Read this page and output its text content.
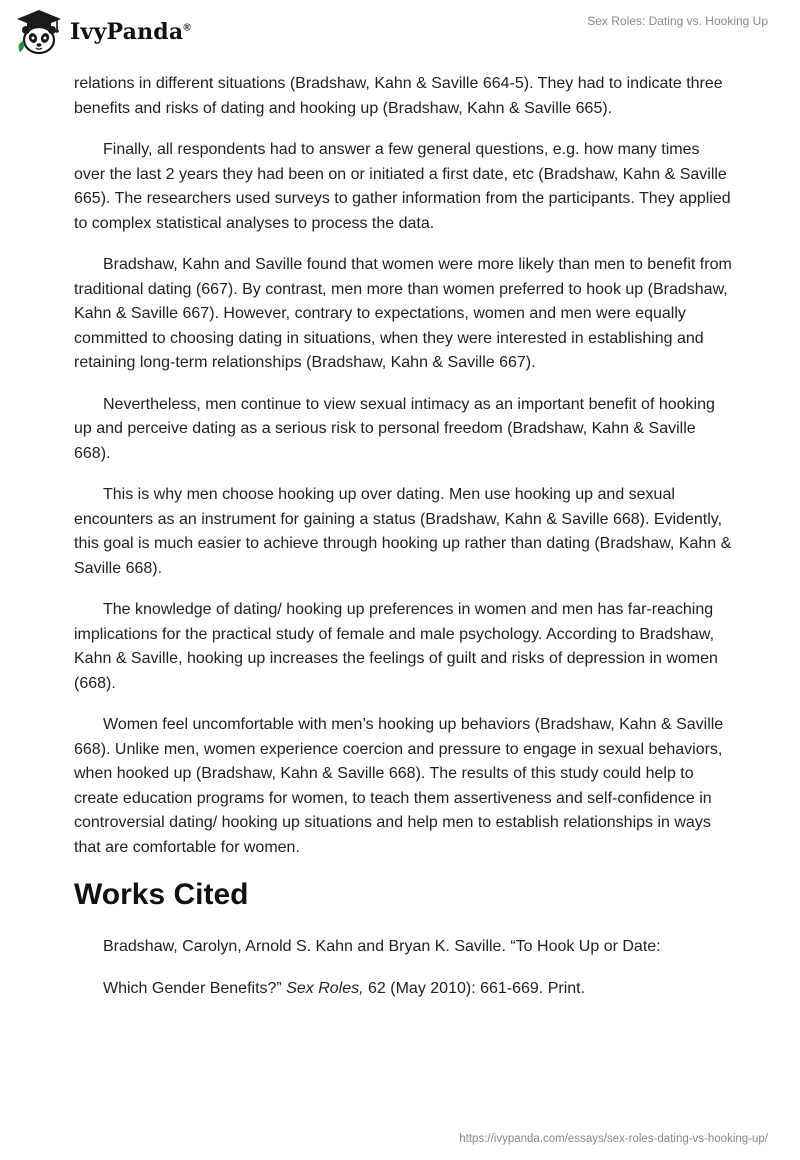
IvyPanda®
Sex Roles: Dating vs. Hooking Up

relations in different situations (Bradshaw, Kahn & Saville 664-5). They had to indicate three benefits and risks of dating and hooking up (Bradshaw, Kahn & Saville 665).

Finally, all respondents had to answer a few general questions, e.g. how many times over the last 2 years they had been on or initiated a first date, etc (Bradshaw, Kahn & Saville 665). The researchers used surveys to gather information from the participants. They applied to complex statistical analyses to process the data.

Bradshaw, Kahn and Saville found that women were more likely than men to benefit from traditional dating (667). By contrast, men more than women preferred to hook up (Bradshaw, Kahn & Saville 667). However, contrary to expectations, women and men were equally committed to choosing dating in situations, when they were interested in establishing and retaining long-term relationships (Bradshaw, Kahn & Saville 667).

Nevertheless, men continue to view sexual intimacy as an important benefit of hooking up and perceive dating as a serious risk to personal freedom (Bradshaw, Kahn & Saville 668).

This is why men choose hooking up over dating. Men use hooking up and sexual encounters as an instrument for gaining a status (Bradshaw, Kahn & Saville 668). Evidently, this goal is much easier to achieve through hooking up rather than dating (Bradshaw, Kahn & Saville 668).

The knowledge of dating/ hooking up preferences in women and men has far-reaching implications for the practical study of female and male psychology. According to Bradshaw, Kahn & Saville, hooking up increases the feelings of guilt and risks of depression in women (668).

Women feel uncomfortable with men’s hooking up behaviors (Bradshaw, Kahn & Saville 668). Unlike men, women experience coercion and pressure to engage in sexual behaviors, when hooked up (Bradshaw, Kahn & Saville 668). The results of this study could help to create education programs for women, to teach them assertiveness and self-confidence in controversial dating/ hooking up situations and help men to establish relationships in ways that are comfortable for women.

Works Cited

Bradshaw, Carolyn, Arnold S. Kahn and Bryan K. Saville. “To Hook Up or Date:

Which Gender Benefits?” Sex Roles, 62 (May 2010): 661-669. Print.

https://ivypanda.com/essays/sex-roles-dating-vs-hooking-up/
